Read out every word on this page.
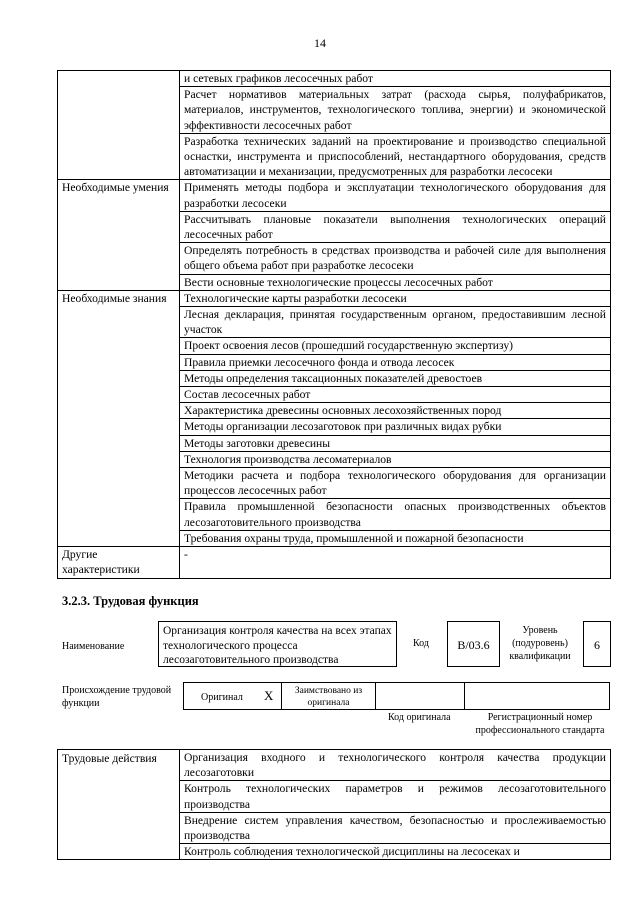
14
	и сетевых графиков лесосечных работ
	Расчет нормативов материальных затрат (расхода сырья, полуфабрикатов, материалов, инструментов, технологического топлива, энергии) и экономической эффективности лесосечных работ
	Разработка технических заданий на проектирование и производство специальной оснастки, инструмента и приспособлений, нестандартного оборудования, средств автоматизации и механизации, предусмотренных для разработки лесосеки
Необходимые умения	Применять методы подбора и эксплуатации технологического оборудования для разработки лесосеки
	Рассчитывать плановые показатели выполнения технологических операций лесосечных работ
	Определять потребность в средствах производства и рабочей силе для выполнения общего объема работ при разработке лесосеки
	Вести основные технологические процессы лесосечных работ
Необходимые знания	Технологические карты разработки лесосеки
	Лесная декларация, принятая государственным органом, предоставившим лесной участок
	Проект освоения лесов (прошедший государственную экспертизу)
	Правила приемки лесосечного фонда и отвода лесосек
	Методы определения таксационных показателей древостоев
	Состав лесосечных работ
	Характеристика древесины основных лесохозяйственных пород
	Методы организации лесозаготовок при различных видах рубки
	Методы заготовки древесины
	Технология производства лесоматериалов
	Методики расчета и подбора технологического оборудования для организации процессов лесосечных работ
	Правила промышленной безопасности опасных производственных объектов лесозаготовительного производства
	Требования охраны труда, промышленной и пожарной безопасности
Другие характеристики	-
3.2.3. Трудовая функция
Наименование
Организация контроля качества на всех этапах технологического процесса лесозаготовительного производства
Код	В/03.6
Уровень (подуровень) квалификации
6
Происхождение трудовой функции	Оригинал Х	Заимствовано из оригинала
Код оригинала	Регистрационный номер профессионального стандарта
Трудовые действия	Организация входного и технологического контроля качества продукции лесозаготовки
Контроль технологических параметров и режимов лесозаготовительного производства
Внедрение систем управления качеством, безопасностью и прослеживаемостью производства
Контроль соблюдения технологической дисциплины на лесосеках и
